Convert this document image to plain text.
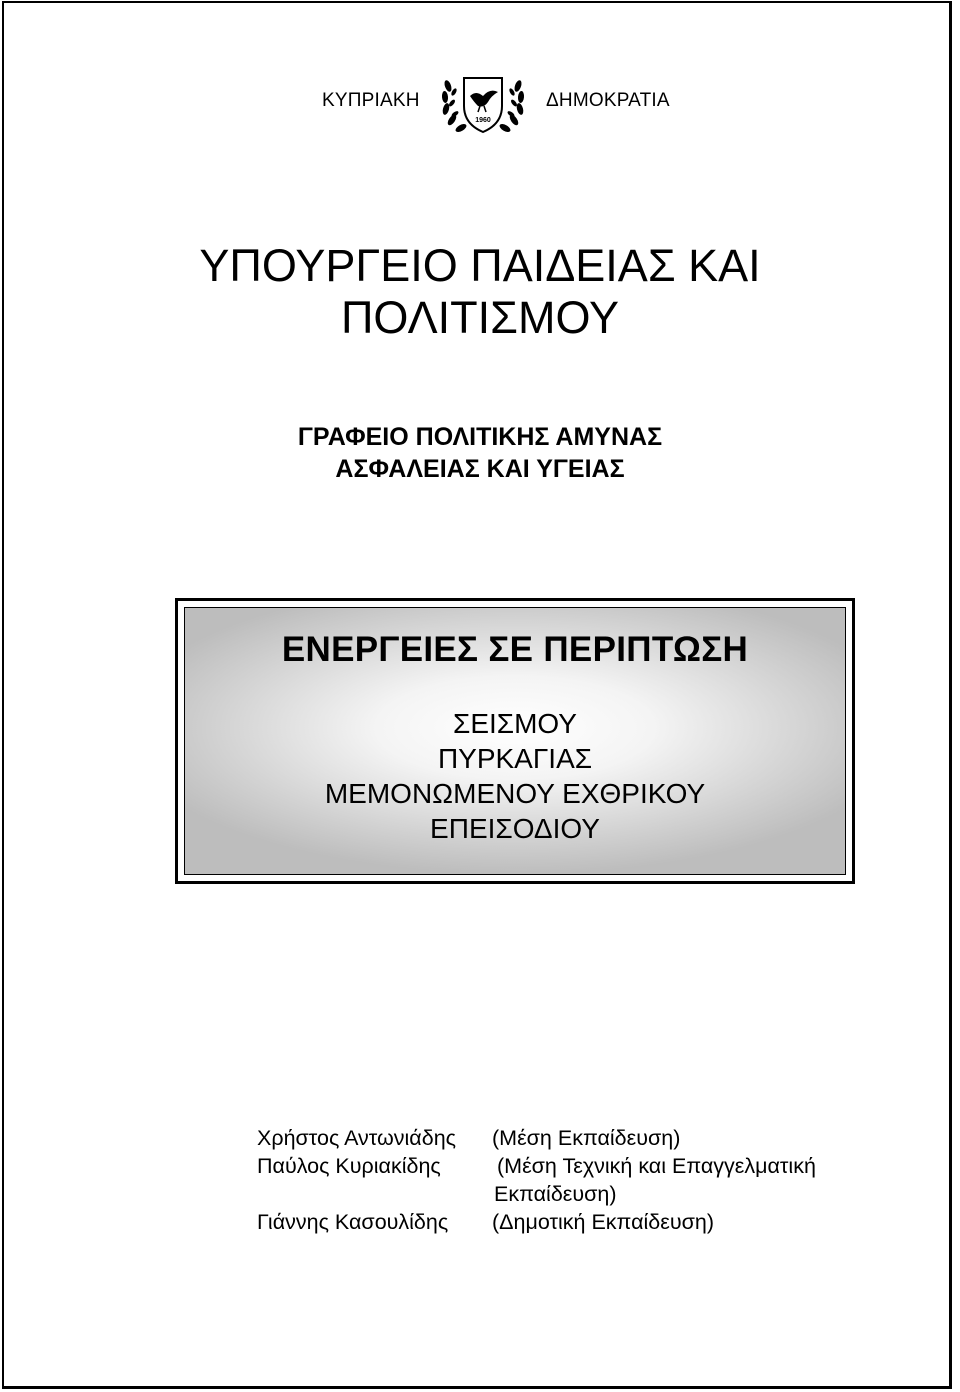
ΚΥΠΡΙΑΚΗ
1960
ΔΗΜΟΚΡΑΤΙΑ
ΥΠΟΥΡΓΕΙΟ ΠΑΙΔΕΙΑΣ ΚΑΙ
ΠΟΛΙΤΙΣΜΟΥ
ΓΡΑΦΕΙΟ ΠΟΛΙΤΙΚΗΣ ΑΜΥΝΑΣ
ΑΣΦΑΛΕΙΑΣ ΚΑΙ ΥΓΕΙΑΣ
ΕΝΕΡΓΕΙΕΣ ΣΕ ΠΕΡΙΠΤΩΣΗ
ΣΕΙΣΜΟΥ
ΠΥΡΚΑΓΙΑΣ
ΜΕΜΟΝΩΜΕΝΟΥ ΕΧΘΡΙΚΟΥ
ΕΠΕΙΣΟΔΙΟΥ
Χρήστος Αντωνιάδης (Μέση Εκπαίδευση)
Παύλος Κυριακίδης	(Μέση Τεχνική και Επαγγελματική
Εκπαίδευση)
Γιάννης Κασουλίδης (Δημοτική Εκπαίδευση)
